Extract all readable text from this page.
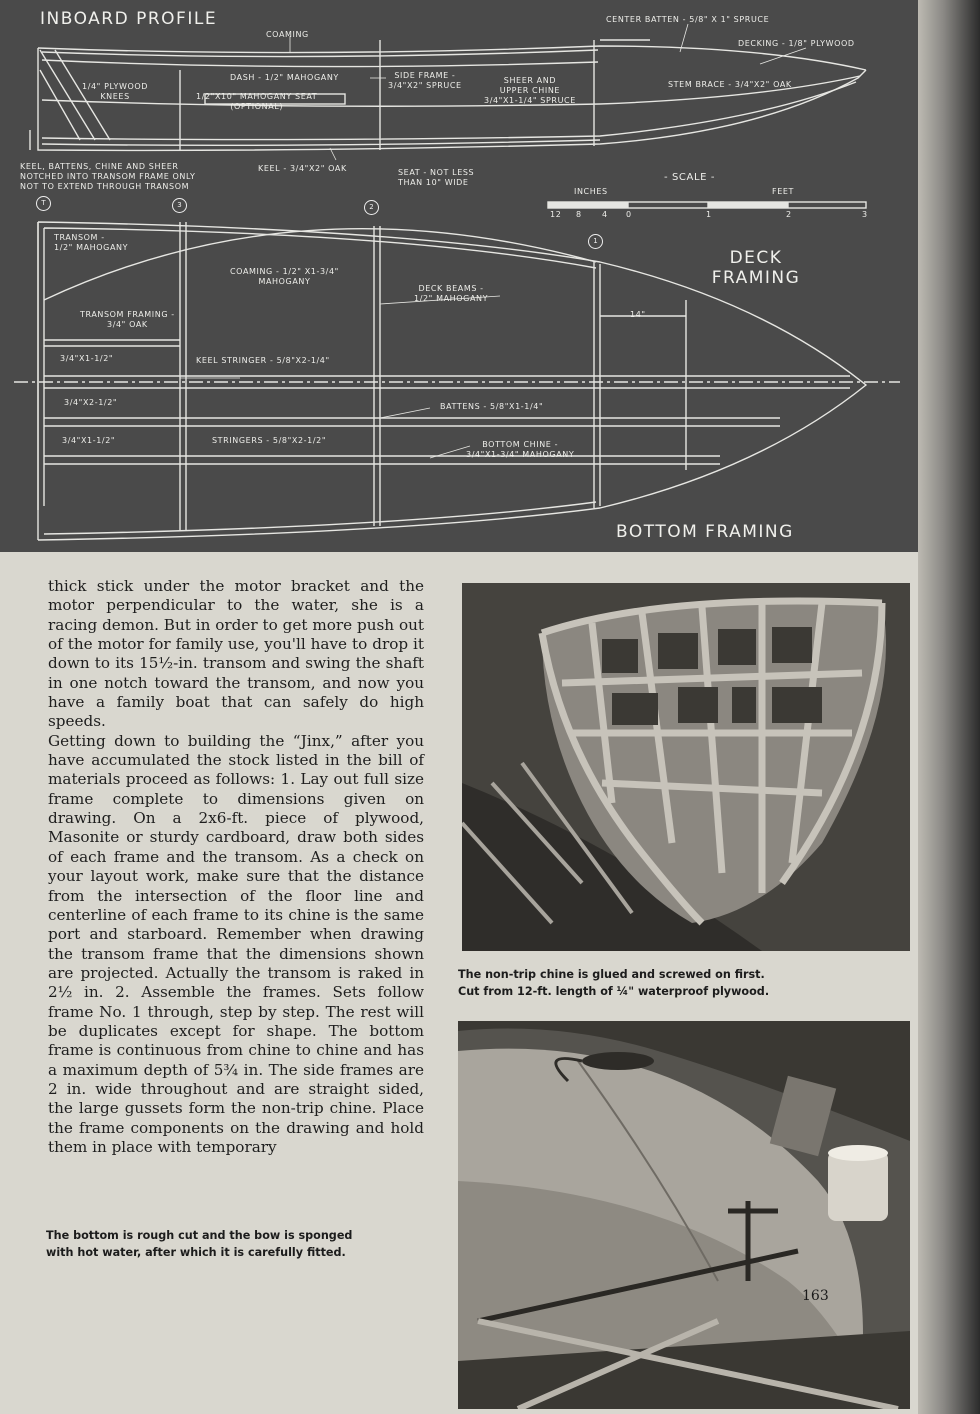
INBOARD PROFILE
DECK
FRAMING
BOTTOM FRAMING
COAMING
CENTER BATTEN - 5/8" X 1" SPRUCE
DECKING - 1/8" PLYWOOD
1/4" PLYWOOD
KNEES
DASH - 1/2" MAHOGANY	SIDE FRAME -
3/4"X2" SPRUCE
SHEER AND
UPPER CHINE
3/4"X1-1/4" SPRUCE
STEM BRACE - 3/4"X2" OAK
1/2"X10" MAHOGANY SEAT
(OPTIONAL)
KEEL, BATTENS, CHINE AND SHEER
NOTCHED INTO TRANSOM FRAME ONLY
NOT TO EXTEND THROUGH TRANSOM
KEEL - 3/4"X2" OAK	SEAT - NOT LESS
THAN 10" WIDE	- SCALE -
INCHES	FEET
12 8	4 0	1	2	3
T	3	2
1
TRANSOM -
1/2" MAHOGANY
COAMING - 1/2" X1-3/4"
MAHOGANY
DECK BEAMS -
1/2" MAHOGANY
TRANSOM FRAMING -
3/4" OAK
14"
3/4"X1-1/2"	KEEL STRINGER - 5/8"X2-1/4"
3/4"X2-1/2"	BATTENS - 5/8"X1-1/4"
3/4"X1-1/2"	STRINGERS - 5/8"X2-1/2"	BOTTOM CHINE -
3/4"X1-3/4" MAHOGANY
thick stick under the motor bracket and the motor perpendicular to the water, she is a racing demon. But in order to get more push out of the motor for family use, you'll have to drop it down to its 15½-in. transom and swing the shaft in one notch toward the transom, and now you have a family boat that can safely do high speeds.
Getting down to building the “Jinx,” after you have accumulated the stock listed in the bill of materials proceed as follows: 1. Lay out full size frame complete to dimensions given on drawing. On a 2x6-ft. piece of plywood, Masonite or sturdy cardboard, draw both sides of each frame and the transom. As a check on your layout work, make sure that the distance from the intersection of the floor line and centerline of each frame to its chine is the same port and starboard. Remember when drawing the transom frame that the dimensions shown are projected. Actually the transom is raked in 2½ in. 2. Assemble the frames. Sets follow frame No. 1 through, step by step. The rest will be duplicates except for shape. The bottom frame is continuous from chine to chine and has a maximum depth of 5¾ in. The side frames are 2 in. wide throughout and are straight sided, the large gussets form the non-trip chine. Place the frame components on the drawing and hold them in place with temporary
The non-trip chine is glued and screwed on first.
Cut from 12-ft. length of ¼" waterproof plywood.
The bottom is rough cut and the bow is sponged
with hot water, after which it is carefully fitted.
163
